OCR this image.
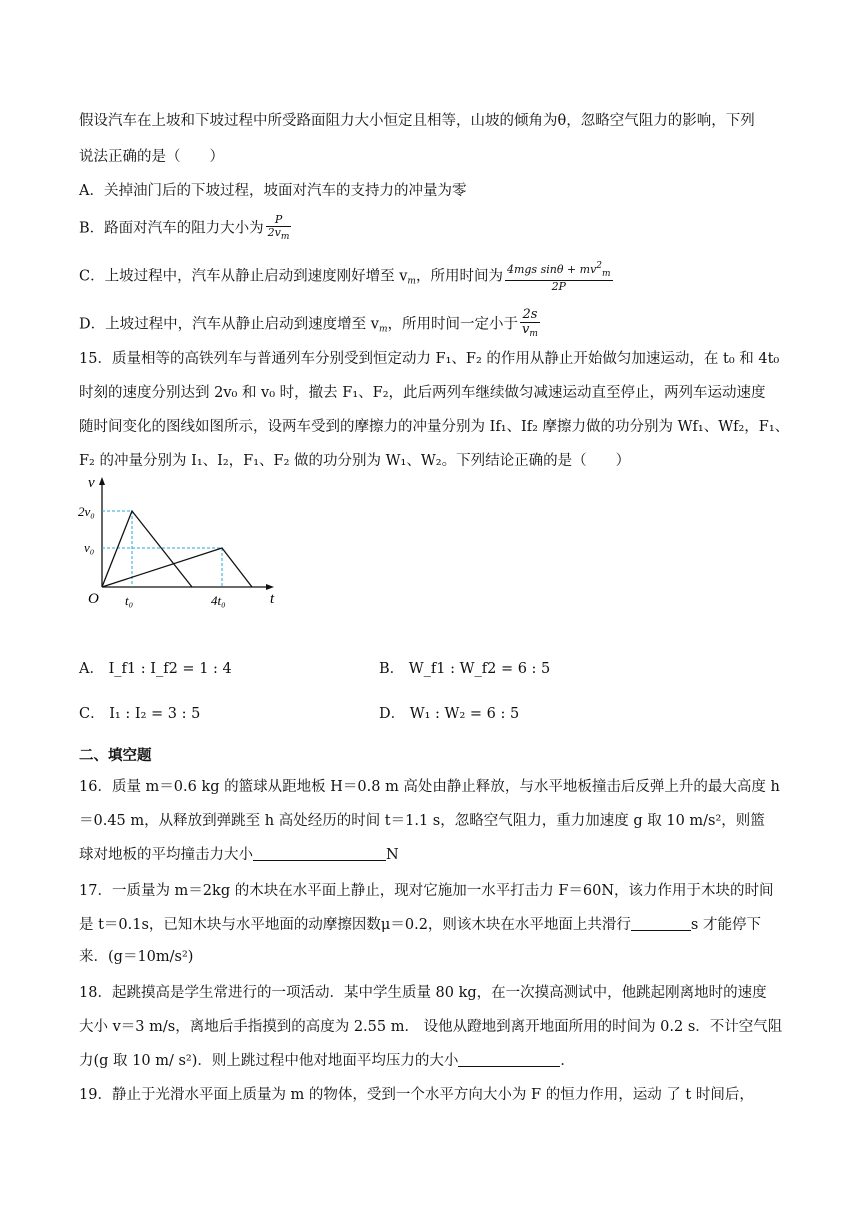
假设汽车在上坡和下坡过程中所受路面阻力大小恒定且相等，山坡的倾角为θ，忽略空气阻力的影响，下列
说法正确的是（　　）
A．关掉油门后的下坡过程，坡面对汽车的支持力的冲量为零
B．路面对汽车的阻力大小为 $\frac{P}{2v_m}$
C．上坡过程中，汽车从静止启动到速度刚好增至 $v_m$，所用时间为 $\frac{4mgs \sin\theta + mv^2_m}{2P}$
D．上坡过程中，汽车从静止启动到速度增至 $v_m$，所用时间一定小于 $\frac{2s}{v_m}$
15．质量相等的高铁列车与普通列车分别受到恒定动力 F₁、F₂ 的作用从静止开始做匀加速运动，在 t₀ 和 4t₀
时刻的速度分别达到 2v₀ 和 v₀ 时，撤去 F₁、F₂，此后两列车继续做匀减速运动直至停止，两列车运动速度
随时间变化的图线如图所示，设两车受到的摩擦力的冲量分别为 If₁、If₂ 摩擦力做的功分别为 Wf₁、Wf₂，F₁、
F₂ 的冲量分别为 I₁、I₂，F₁、F₂ 做的功分别为 W₁、W₂。下列结论正确的是（　　）
v
t
O
2v₀
v₀
t₀	4t₀
A． I_f1 : I_f2 = 1 : 4	B． W_f1 : W_f2 = 6 : 5
C． I₁ : I₂ = 3 : 5	D． W₁ : W₂ = 6 : 5
二、填空题
16．质量 m＝0.6 kg 的篮球从距地板 H＝0.8 m 高处由静止释放，与水平地板撞击后反弹上升的最大高度 h
＝0.45 m，从释放到弹跳至 h 高处经历的时间 t＝1.1 s，忽略空气阻力，重力加速度 g 取 10 m/s²，则篮
球对地板的平均撞击力大小	N
17．一质量为 m＝2kg 的木块在水平面上静止，现对它施加一水平打击力 F＝60N，该力作用于木块的时间
是 t＝0.1s，已知木块与水平地面的动摩擦因数μ＝0.2，则该木块在水平地面上共滑行	s 才能停下
来．(g＝10m/s²)
18．起跳摸高是学生常进行的一项活动．某中学生质量 80 kg，在一次摸高测试中，他跳起刚离地时的速度
大小 v＝3 m/s，离地后手指摸到的高度为 2.55 m． 设他从蹬地到离开地面所用的时间为 0.2 s．不计空气阻
力(g 取 10 m/ s²)．则上跳过程中他对地面平均压力的大小	．
19．静止于光滑水平面上质量为 m 的物体，受到一个水平方向大小为 F 的恒力作用，运动 了 t 时间后，
